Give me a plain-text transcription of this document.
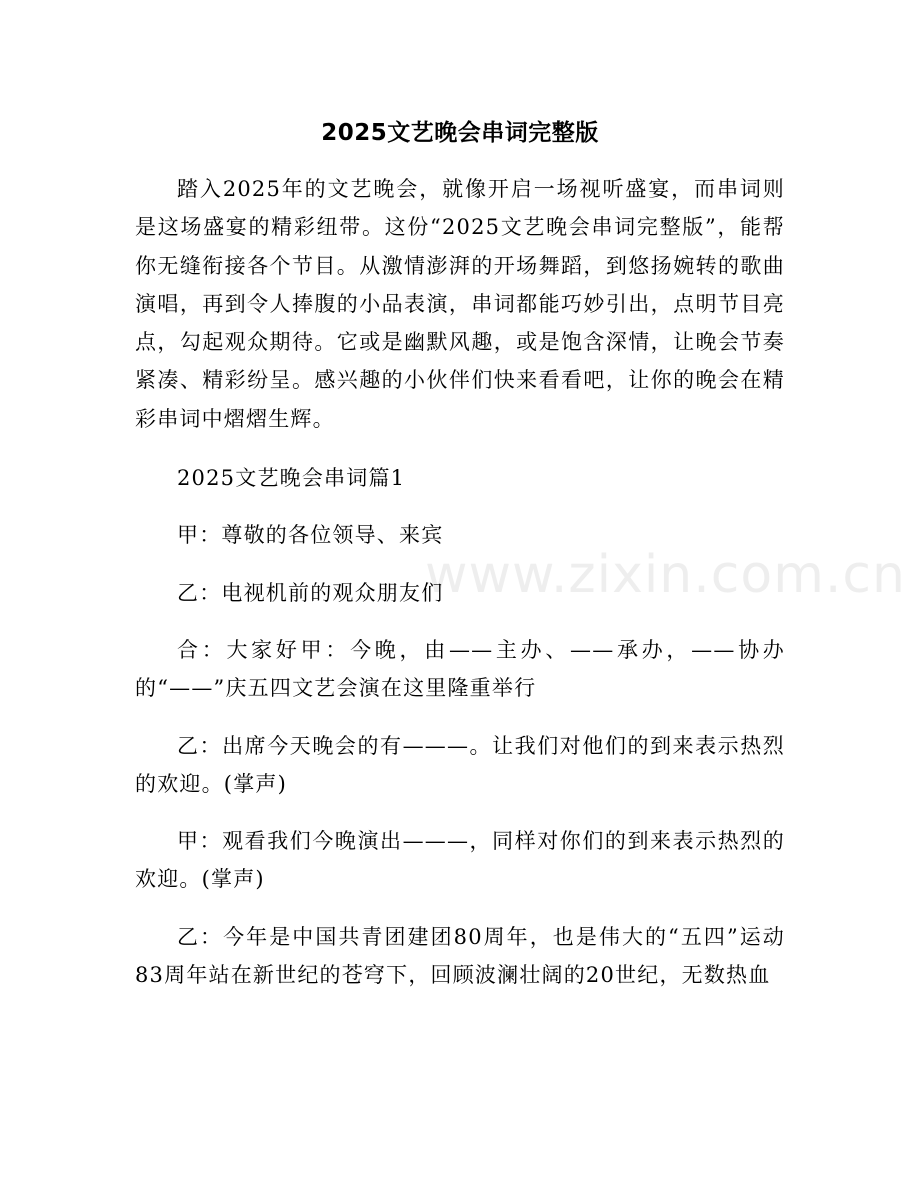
www.zixin.com.cn
2025文艺晚会串词完整版

踏入2025年的文艺晚会，就像开启一场视听盛宴，而串词则是这场盛宴的精彩纽带。这份“2025文艺晚会串词完整版”，能帮你无缝衔接各个节目。从激情澎湃的开场舞蹈，到悠扬婉转的歌曲演唱，再到令人捧腹的小品表演，串词都能巧妙引出，点明节目亮点，勾起观众期待。它或是幽默风趣，或是饱含深情，让晚会节奏紧凑、精彩纷呈。感兴趣的小伙伴们快来看看吧，让你的晚会在精彩串词中熠熠生辉。

2025文艺晚会串词篇1

甲：尊敬的各位领导、来宾

乙：电视机前的观众朋友们

合：大家好甲：今晚，由——主办、——承办，——协办的“——”庆五四文艺会演在这里隆重举行

乙：出席今天晚会的有———。让我们对他们的到来表示热烈的欢迎。(掌声)

甲：观看我们今晚演出———，同样对你们的到来表示热烈的欢迎。(掌声)

乙：今年是中国共青团建团80周年，也是伟大的“五四”运动83周年站在新世纪的苍穹下，回顾波澜壮阔的20世纪，无数热血
